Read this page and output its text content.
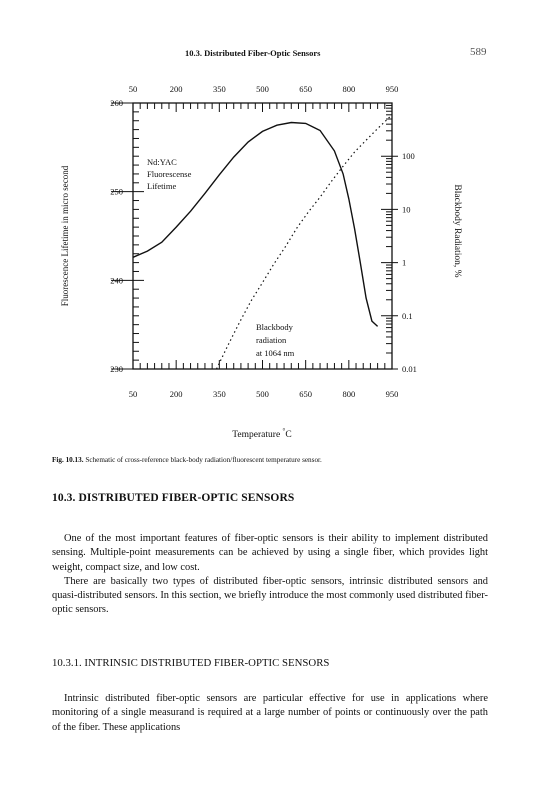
10.3. Distributed Fiber-Optic Sensors	589
50
50
200
200
350
350
500
500
650
650
800
800
950
950
230
240
250
260
0.01
0.1
1
10
100
Fluorescence Lifetime in micro second	Blackbody Radiation, %
Temperature °C
Nd:YAC
Fluorescense
Lifetime
Blackbody
radiation
at 1064 nm
Fig. 10.13. Schematic of cross-reference black-body radiation/fluorescent temperature sensor.
10.3. DISTRIBUTED FIBER-OPTIC SENSORS
One of the most important features of fiber-optic sensors is their ability to implement distributed sensing. Multiple-point measurements can be achieved by using a single fiber, which provides light weight, compact size, and low cost.
There are basically two types of distributed fiber-optic sensors, intrinsic distributed sensors and quasi-distributed sensors. In this section, we briefly introduce the most commonly used distributed fiber-optic sensors.
10.3.1. INTRINSIC DISTRIBUTED FIBER-OPTIC SENSORS
Intrinsic distributed fiber-optic sensors are particular effective for use in applications where monitoring of a single measurand is required at a large number of points or continuously over the path of the fiber. These applications
